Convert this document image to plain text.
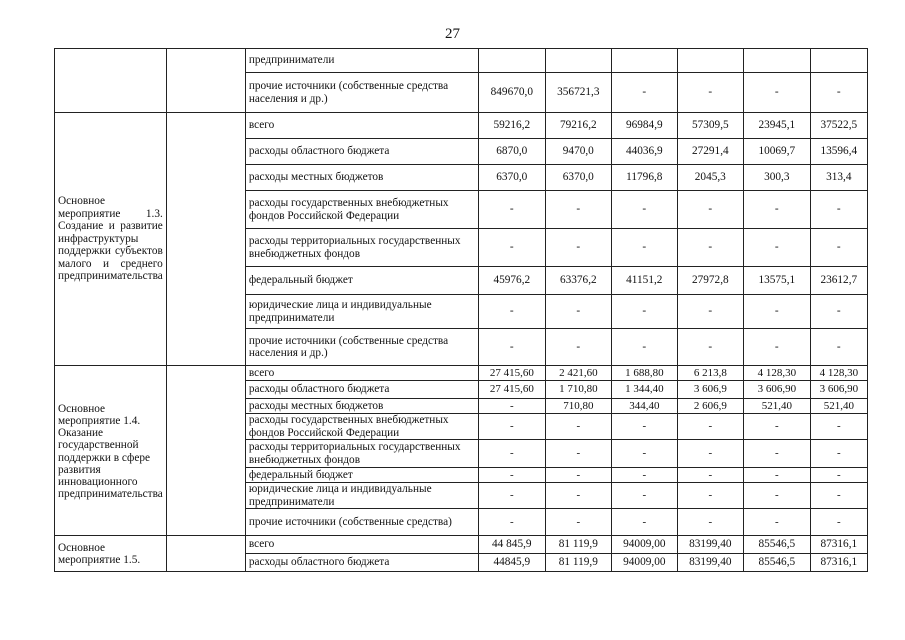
27
		предприниматели						
		прочие источники (собственные средства населения и др.)	849670,0	356721,3	-	-	-	-
Основное мероприятие 1.3. Создание и развитие инфраструктуры поддержки субъектов малого и среднего предпринимательства		всего	59216,2	79216,2	96984,9	57309,5	23945,1	37522,5
		расходы областного бюджета	6870,0	9470,0	44036,9	27291,4	10069,7	13596,4
		расходы местных бюджетов	6370,0	6370,0	11796,8	2045,3	300,3	313,4
		расходы государственных внебюджетных фондов Российской Федерации	-	-	-	-	-	-
		расходы территориальных государственных внебюджетных фондов	-	-	-	-	-	-
		федеральный бюджет	45976,2	63376,2	41151,2	27972,8	13575,1	23612,7
		юридические лица и индивидуальные предприниматели	-	-	-	-	-	-
		прочие источники (собственные средства населения и др.)	-	-	-	-	-	-
Основное мероприятие 1.4. Оказание государственной поддержки в сфере развития инновационного предпринимательства		всего	27 415,60	2 421,60	1 688,80	6 213,8	4 128,30	4 128,30
		расходы областного бюджета	27 415,60	1 710,80	1 344,40	3 606,9	3 606,90	3 606,90
		расходы местных бюджетов	-	710,80	344,40	2 606,9	521,40	521,40
		расходы государственных внебюджетных фондов Российской Федерации	-	-	-	-	-	-
		расходы территориальных государственных внебюджетных фондов	-	-	-	-	-	-
		федеральный бюджет	-	-	-	-	-	-
		юридические лица и индивидуальные предприниматели	-	-	-	-	-	-
		прочие источники (собственные средства)	-	-	-	-	-	-
Основное мероприятие 1.5.		всего	44 845,9	81 119,9	94009,00	83199,40	85546,5	87316,1
		расходы областного бюджета	44845,9	81 119,9	94009,00	83199,40	85546,5	87316,1
